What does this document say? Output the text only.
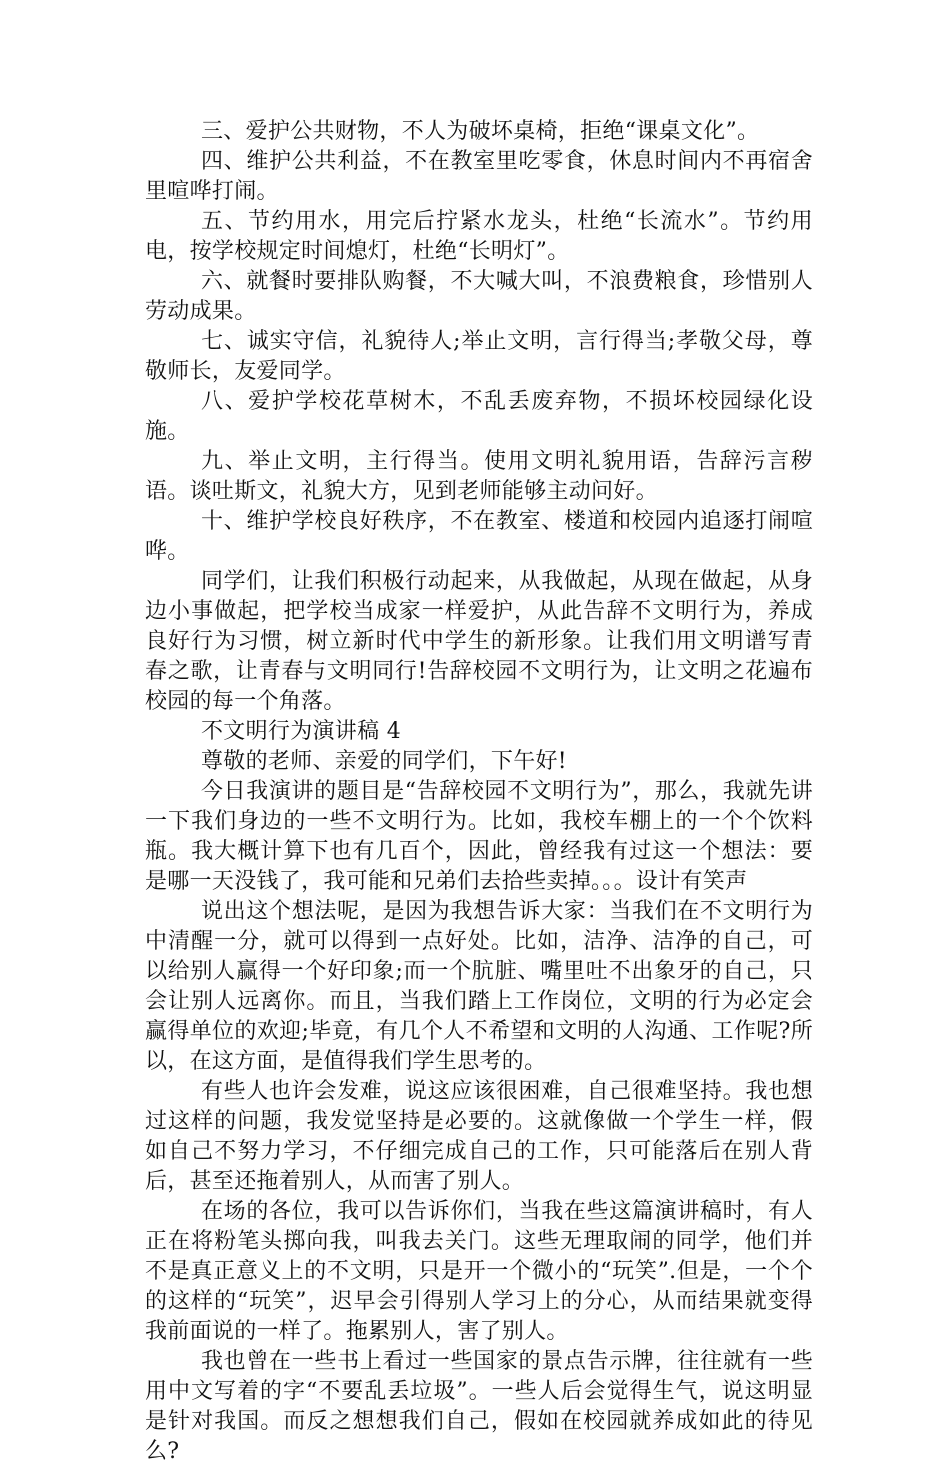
三、爱护公共财物，不人为破坏桌椅，拒绝“课桌文化”。

四、维护公共利益，不在教室里吃零食，休息时间内不再宿舍里喧哗打闹。

五、节约用水，用完后拧紧水龙头，杜绝“长流水”。节约用电，按学校规定时间熄灯，杜绝“长明灯”。

六、就餐时要排队购餐，不大喊大叫，不浪费粮食，珍惜别人劳动成果。

七、诚实守信，礼貌待人;举止文明，言行得当;孝敬父母，尊敬师长，友爱同学。

八、爱护学校花草树木，不乱丢废弃物，不损坏校园绿化设施。

九、举止文明，主行得当。使用文明礼貌用语，告辞污言秽语。谈吐斯文，礼貌大方，见到老师能够主动问好。

十、维护学校良好秩序，不在教室、楼道和校园内追逐打闹喧哗。

同学们，让我们积极行动起来，从我做起，从现在做起，从身边小事做起，把学校当成家一样爱护，从此告辞不文明行为，养成良好行为习惯，树立新时代中学生的新形象。让我们用文明谱写青春之歌，让青春与文明同行!告辞校园不文明行为，让文明之花遍布校园的每一个角落。

不文明行为演讲稿 4

尊敬的老师、亲爱的同学们，下午好!

今日我演讲的题目是“告辞校园不文明行为”，那么，我就先讲一下我们身边的一些不文明行为。比如，我校车棚上的一个个饮料瓶。我大概计算下也有几百个，因此，曾经我有过这一个想法：要是哪一天没钱了，我可能和兄弟们去拾些卖掉。。。设计有笑声

说出这个想法呢，是因为我想告诉大家：当我们在不文明行为中清醒一分，就可以得到一点好处。比如，洁净、洁净的自己，可以给别人赢得一个好印象;而一个肮脏、嘴里吐不出象牙的自己，只会让别人远离你。而且，当我们踏上工作岗位，文明的行为必定会赢得单位的欢迎;毕竟，有几个人不希望和文明的人沟通、工作呢?所以，在这方面，是值得我们学生思考的。

有些人也许会发难，说这应该很困难，自己很难坚持。我也想过这样的问题，我发觉坚持是必要的。这就像做一个学生一样，假如自己不努力学习，不仔细完成自己的工作，只可能落后在别人背后，甚至还拖着别人，从而害了别人。

在场的各位，我可以告诉你们，当我在些这篇演讲稿时，有人正在将粉笔头掷向我，叫我去关门。这些无理取闹的同学，他们并不是真正意义上的不文明，只是开一个微小的“玩笑”.但是，一个个的这样的“玩笑”，迟早会引得别人学习上的分心，从而结果就变得我前面说的一样了。拖累别人，害了别人。

我也曾在一些书上看过一些国家的景点告示牌，往往就有一些用中文写着的字“不要乱丢垃圾”。一些人后会觉得生气，说这明显是针对我国。而反之想想我们自己，假如在校园就养成如此的待见么?
